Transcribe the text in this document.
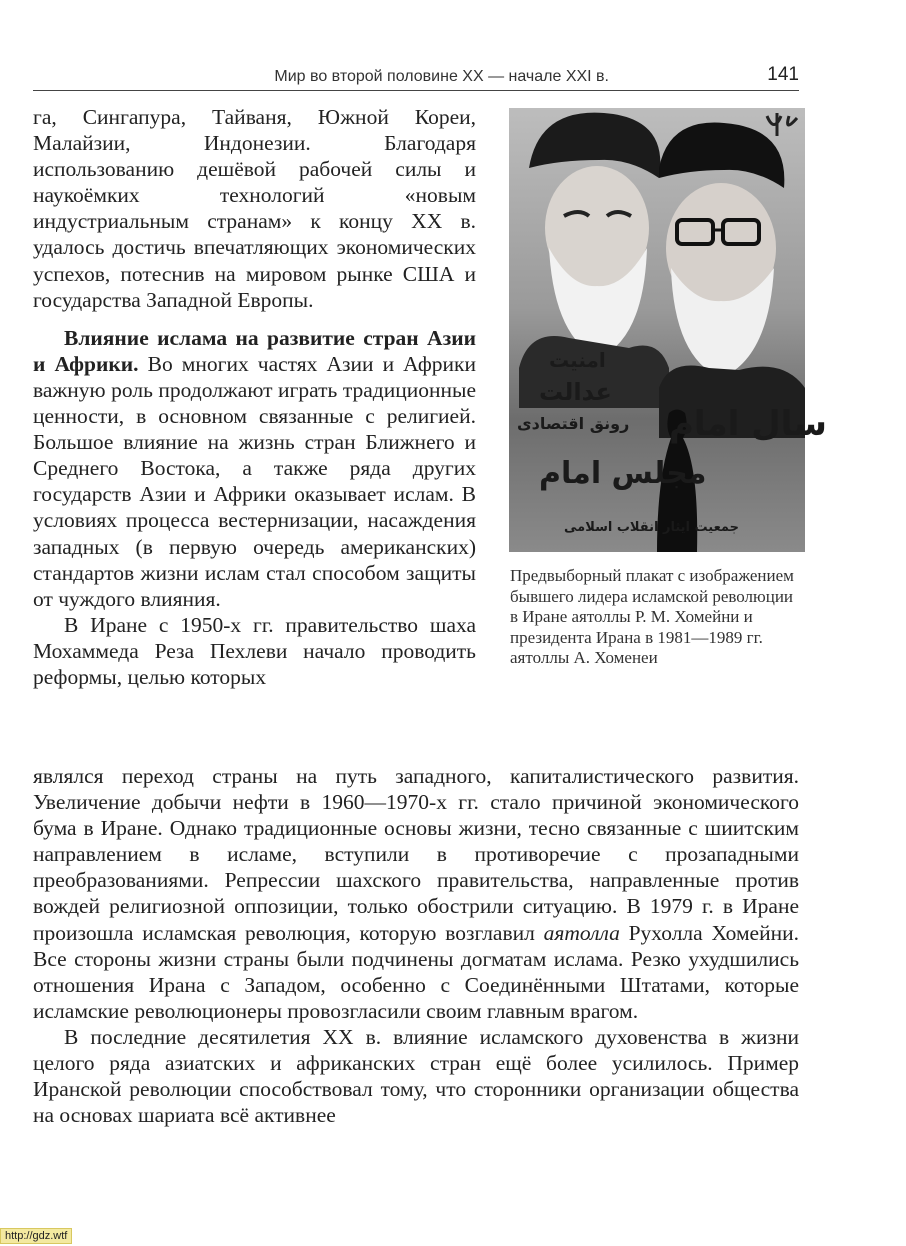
Мир во второй половине XX — начале XXI в.	141

га, Сингапура, Тайваня, Южной Кореи, Малайзии, Индонезии. Благодаря использованию дешёвой рабочей силы и наукоёмких технологий «новым индустриальным странам» к концу XX в. удалось достичь впечатляющих экономических успехов, потеснив на мировом рынке США и государства Западной Европы.

Влияние ислама на развитие стран Азии и Африки. Во многих частях Азии и Африки важную роль продолжают играть традиционные ценности, в основном связанные с религией. Большое влияние на жизнь стран Ближнего и Среднего Востока, а также ряда других государств Азии и Африки оказывает ислам. В условиях процесса вестернизации, насаждения западных (в первую очередь американских) стандартов жизни ислам стал способом защиты от чуждого влияния.

В Иране с 1950-х гг. правительство шаха Мохаммеда Реза Пехлеви начало проводить реформы, целью которых

امنیت
عدالت
رونق اقتصادی سال امام
مجلس امام
جمعیت ایثار انقلاب اسلامی
Предвыборный плакат с изображением бывшего лидера исламской революции в Иране аятоллы Р. М. Хомейни и президента Ирана в 1981—1989 гг. аятоллы А. Хоменеи

являлся переход страны на путь западного, капиталистического развития. Увеличение добычи нефти в 1960—1970-х гг. стало причиной экономического бума в Иране. Однако традиционные основы жизни, тесно связанные с шиитским направлением в исламе, вступили в противоречие с прозападными преобразованиями. Репрессии шахского правительства, направленные против вождей религиозной оппозиции, только обострили ситуацию. В 1979 г. в Иране произошла исламская революция, которую возглавил аятолла Рухолла Хомейни. Все стороны жизни страны были подчинены догматам ислама. Резко ухудшились отношения Ирана с Западом, особенно с Соединёнными Штатами, которые исламские революционеры провозгласили своим главным врагом.

В последние десятилетия XX в. влияние исламского духовенства в жизни целого ряда азиатских и африканских стран ещё более усилилось. Пример Иранской революции способствовал тому, что сторонники организации общества на основах шариата всё активнее

http://gdz.wtf
